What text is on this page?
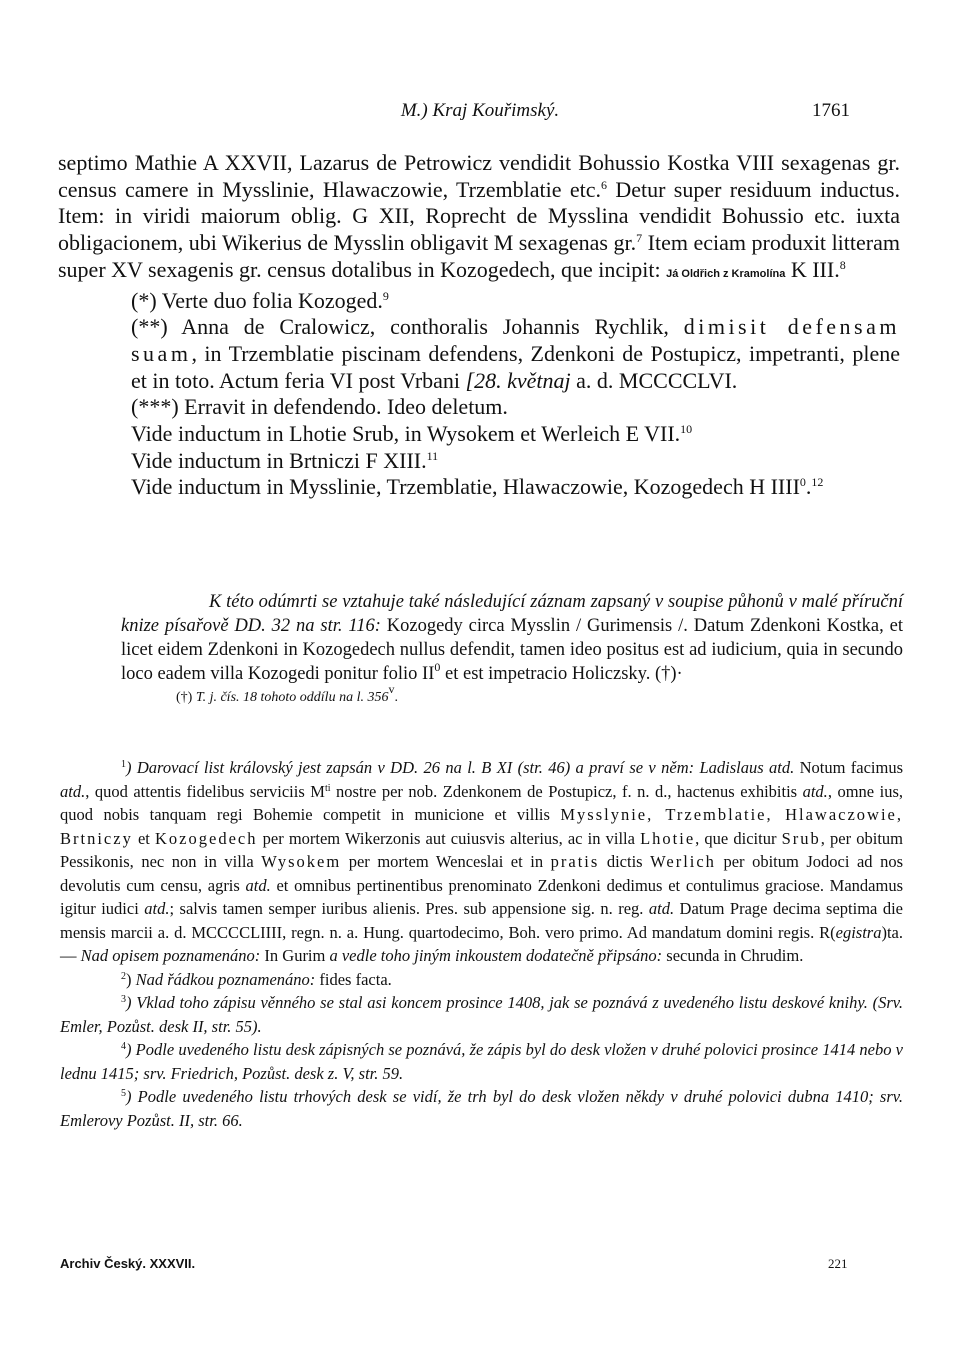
M.) Kraj Kouřimský.	1761

septimo Mathie A XXVII, Lazarus de Petrowicz vendidit Bohussio Kostka VIII sexagenas gr. census camere in Mysslinie, Hlawaczowie, Trzemblatie etc.$^6$ Detur super residuum inductus. Item: in viridi maiorum oblig. G XII, Roprecht de Mysslina vendidit Bohussio etc. iuxta obligacionem, ubi Wikerius de Mysslin obligavit M sexagenas gr.$^7$ Item eciam produxit litteram super XV sexagenis gr. census dotalibus in Kozogedech, que incipit: Já Oldřich z Kramolína K III.$^8$

(*) Verte duo folia Kozoged.$^9$

(**) Anna de Cralowicz, conthoralis Johannis Rychlik, dimisit defensam suam, in Trzemblatie piscinam defendens, Zdenkoni de Postupicz, impetranti, plene et in toto. Actum feria VI post Vrbani [28. květnaj a. d. MCCCCLVI.

(***) Erravit in defendendo. Ideo deletum.

Vide inductum in Lhotie Srub, in Wysokem et Werleich E VII.$^{10}$

Vide inductum in Brtniczi F XIII.$^{11}$

Vide inductum in Mysslinie, Trzemblatie, Hlawaczowie, Kozogedech H IIII$^0$.$^{12}$

K této odúmrti se vztahuje také následující záznam zapsaný v soupise půhonů v malé příruční knize písařově DD. 32 na str. 116: Kozogedy circa Mysslin / Gurimensis /. Datum Zdenkoni Kostka, et licet eidem Zdenkoni in Kozogedech nullus defendit, tamen ideo positus est ad iudicium, quia in secundo loco eadem villa Kozogedi ponitur folio $II^0$ et est impetracio Holiczsky. (†)·

(†) T. j. čís. 18 tohoto oddílu na l. 356$^v$.

$^1$) Darovací list královský jest zapsán v DD. 26 na l. B XI (str. 46) a praví se v něm: Ladislaus atd. Notum facimus atd., quod attentis fidelibus serviciis $M^{ti}$ nostre per nob. Zdenkonem de Postupicz, f. n. d., hactenus exhibitis atd., omne ius, quod nobis tanquam regi Bohemie competit in municione et villis Mysslynie, Trzemblatie, Hlawaczowie, Brtniczy et Kozogedech per mortem Wikerzonis aut cuiusvis alterius, ac in villa Lhotie, que dicitur Srub, per obitum Pessikonis, nec non in villa Wysokem per mortem Wenceslai et in pratis dictis Werlich per obitum Jodoci ad nos devolutis cum censu, agris atd. et omnibus pertinentibus prenominato Zdenkoni dedimus et contulimus graciose. Mandamus igitur iudici atd.; salvis tamen semper iuribus alienis. Pres. sub appensione sig. n. reg. atd. Datum Prage decima septima die mensis marcii a. d. MCCCCLIIII, regn. n. a. Hung. quartodecimo, Boh. vero primo. Ad mandatum domini regis. R(egistra)ta. — Nad opisem poznamenáno: In Gurim a vedle toho jiným inkoustem dodatečně připsáno: secunda in Chrudim.

$^2$) Nad řádkou poznamenáno: fides facta.

$^3$) Vklad toho zápisu věnného se stal asi koncem prosince 1408, jak se poznává z uvedeného listu deskové knihy. (Srv. Emler, Pozůst. desk II, str. 55).

$^4$) Podle uvedeného listu desk zápisných se poznává, že zápis byl do desk vložen v druhé polovici prosince 1414 nebo v lednu 1415; srv. Friedrich, Pozůst. desk z. V, str. 59.

$^5$) Podle uvedeného listu trhových desk se vidí, že trh byl do desk vložen někdy v druhé polovici dubna 1410; srv. Emlerovy Pozůst. II, str. 66.

Archiv Český. XXXVII.	221
